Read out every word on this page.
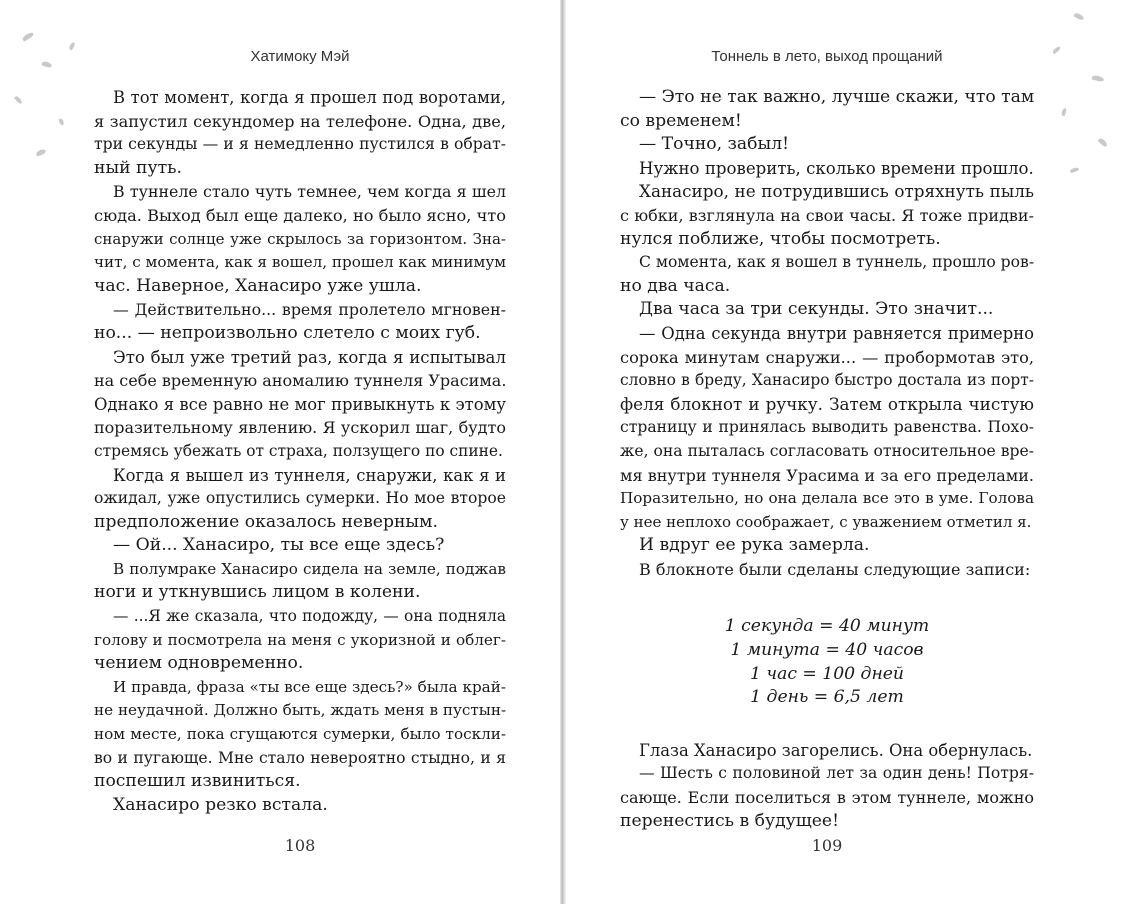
Хатимоку Мэй

В тот момент, когда я прошел под воротами,

я запустил секундомер на телефоне. Одна, две,

три секунды — и я немедленно пустился в обрат-

ный путь.

В туннеле стало чуть темнее, чем когда я шел

сюда. Выход был еще далеко, но было ясно, что

снаружи солнце уже скрылось за горизонтом. Зна-

чит, с момента, как я вошел, прошел как минимум

час. Наверное, Ханасиро уже ушла.

— Действительно... время пролетело мгновен-

но... — непроизвольно слетело с моих губ.

Это был уже третий раз, когда я испытывал

на себе временную аномалию туннеля Урасима.

Однако я все равно не мог привыкнуть к этому

поразительному явлению. Я ускорил шаг, будто

стремясь убежать от страха, ползущего по спине.

Когда я вышел из туннеля, снаружи, как я и

ожидал, уже опустились сумерки. Но мое второе

предположение оказалось неверным.

— Ой... Ханасиро, ты все еще здесь?

В полумраке Ханасиро сидела на земле, поджав

ноги и уткнувшись лицом в колени.

— ...Я же сказала, что подожду, — она подняла

голову и посмотрела на меня с укоризной и облег-

чением одновременно.

И правда, фраза «ты все еще здесь?» была край-

не неудачной. Должно быть, ждать меня в пустын-

ном месте, пока сгущаются сумерки, было тоскли-

во и пугающе. Мне стало невероятно стыдно, и я

поспешил извиниться.

Ханасиро резко встала.

108
Тоннель в лето, выход прощаний

— Это не так важно, лучше скажи, что там

со временем!

— Точно, забыл!

Нужно проверить, сколько времени прошло.

Ханасиро, не потрудившись отряхнуть пыль

с юбки, взглянула на свои часы. Я тоже придви-

нулся поближе, чтобы посмотреть.

С момента, как я вошел в туннель, прошло ров-

но два часа.

Два часа за три секунды. Это значит...

— Одна секунда внутри равняется примерно

сорока минутам снаружи... — пробормотав это,

словно в бреду, Ханасиро быстро достала из порт-

феля блокнот и ручку. Затем открыла чистую

страницу и принялась выводить равенства. Похо-

же, она пыталась согласовать относительное вре-

мя внутри туннеля Урасима и за его пределами.

Поразительно, но она делала все это в уме. Голова

у нее неплохо соображает, с уважением отметил я.

И вдруг ее рука замерла.

В блокноте были сделаны следующие записи:

1 секунда = 40 минут
1 минута = 40 часов
1 час = 100 дней
1 день = 6,5 лет

Глаза Ханасиро загорелись. Она обернулась.

— Шесть с половиной лет за один день! Потря-

сающе. Если поселиться в этом туннеле, можно

перенестись в будущее!

109
